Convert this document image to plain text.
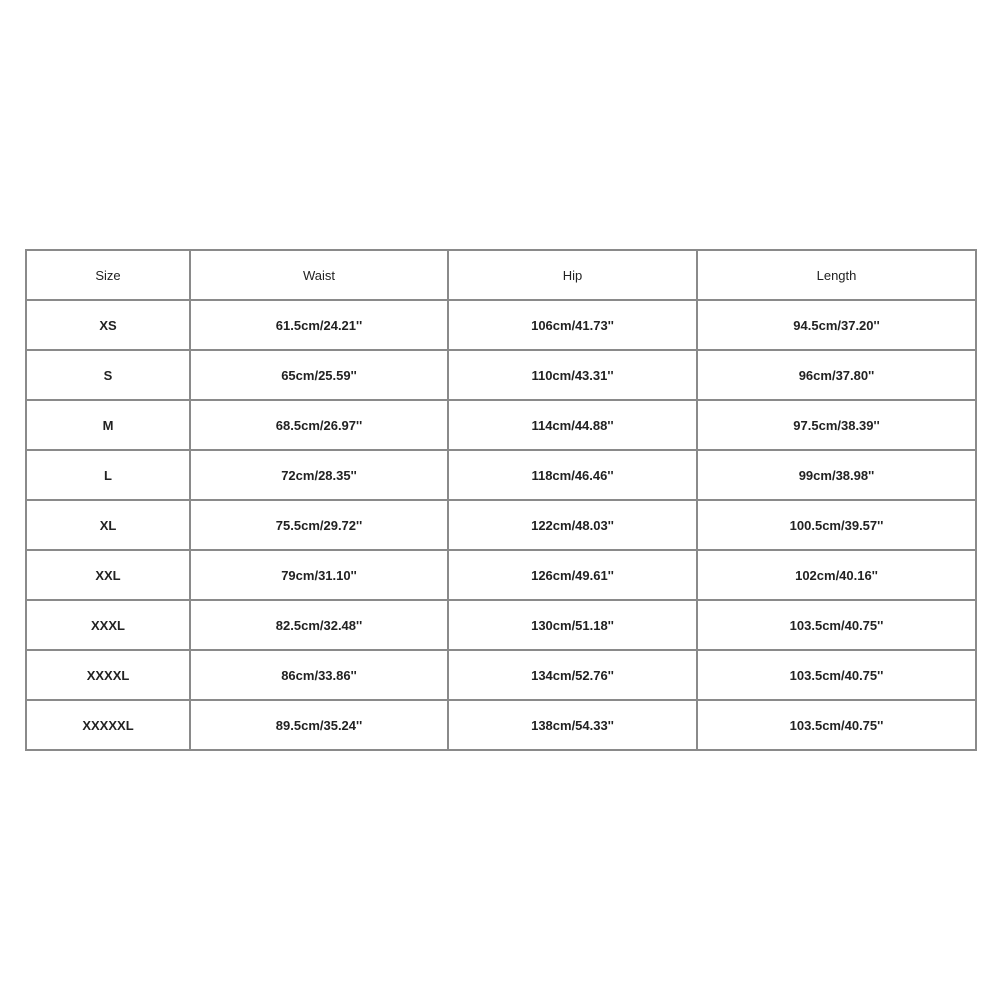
Size	Waist	Hip	Length
XS	61.5cm/24.21''	106cm/41.73''	94.5cm/37.20''
S	65cm/25.59''	110cm/43.31''	96cm/37.80''
M	68.5cm/26.97''	114cm/44.88''	97.5cm/38.39''
L	72cm/28.35''	118cm/46.46''	99cm/38.98''
XL	75.5cm/29.72''	122cm/48.03''	100.5cm/39.57''
XXL	79cm/31.10''	126cm/49.61''	102cm/40.16''
XXXL	82.5cm/32.48''	130cm/51.18''	103.5cm/40.75''
XXXXL	86cm/33.86''	134cm/52.76''	103.5cm/40.75''
XXXXXL	89.5cm/35.24''	138cm/54.33''	103.5cm/40.75''
